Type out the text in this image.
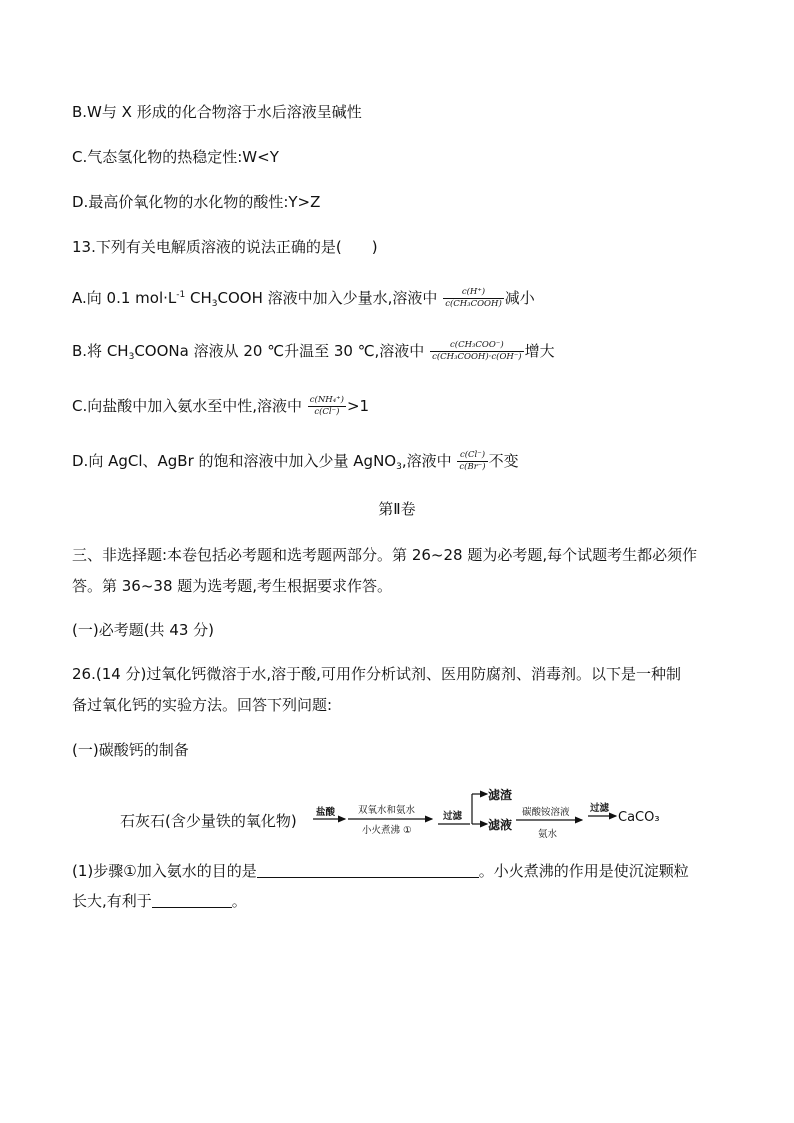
B.W与 X 形成的化合物溶于水后溶液呈碱性
C.气态氢化物的热稳定性:W<Y
D.最高价氧化物的水化物的酸性:Y>Z
13.下列有关电解质溶液的说法正确的是(　　)
A.向 0.1 $mol\cdot L^{-1}$ $CH_3COOH$ 溶液中加入少量水,溶液中 $\frac{c(H^+)}{\text{c(CH₃COOH)}}$ 减小
B.将 $CH_3COONa$ 溶液从 20 ℃升温至 30 ℃,溶液中 $\frac{\text{c(CH₃COO⁻)}}{\text{c(CH₃COOH)·c(OH⁻)}}$ 增大
C.向盐酸中加入氨水至中性,溶液中 $\frac{\text{c(NH₄⁺)}}{c(Cl^-)} >1$
D.向 AgCl、AgBr 的饱和溶液中加入少量 AgNO$_3$,溶液中 $\frac{c(Cl^-)}{c(Br^-)}$ 不变
第Ⅱ卷
三、非选择题:本卷包括必考题和选考题两部分。第 26~28 题为必考题,每个试题考生都必须作
答。第 36~38 题为选考题,考生根据要求作答。
(一)必考题(共 43 分)
26.(14 分)过氧化钙微溶于水,溶于酸,可用作分析试剂、医用防腐剂、消毒剂。以下是一种制
备过氧化钙的实验方法。回答下列问题:
(一)碳酸钙的制备
石灰石(含少量铁的氧化物) 盐酸 双氧水和氨水
小火煮沸 ①
过滤
滤渣
滤液
碳酸铵溶液
氨水
过滤
CaCO₃
(1)步骤①加入氨水的目的是	。小火煮沸的作用是使沉淀颗粒
长大,有利于	。
